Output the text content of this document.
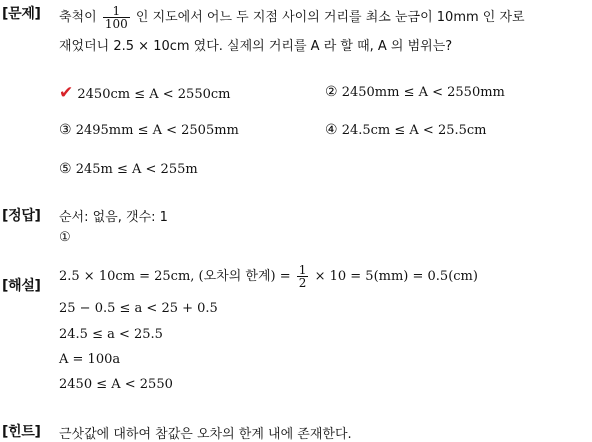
[문제] 축척이 $\frac{1}{100}$ 인 지도에서 어느 두 지점 사이의 거리를 최소 눈금이 10mm 인 자로
재었더니 2.5 × 10cm 였다. 실제의 거리를 A 라 할 때, A 의 범위는?
✔ 2450cm ≤ A < 2550cm	② 2450mm ≤ A < 2550mm
③ 2495mm ≤ A < 2505mm	④ 24.5cm ≤ A < 25.5cm
⑤ 245m ≤ A < 255m
[정답] 순서: 없음, 갯수: 1
①
[해설]
2.5 × 10cm = 25cm, (오차의 한계) = $\frac{1}{2} \times 10 = 5(mm) = 0.5(cm)$
25 − 0.5 ≤ a < 25 + 0.5
24.5 ≤ a < 25.5
A = 100a
2450 ≤ A < 2550
[힌트] 근삿값에 대하여 참값은 오차의 한계 내에 존재한다.
